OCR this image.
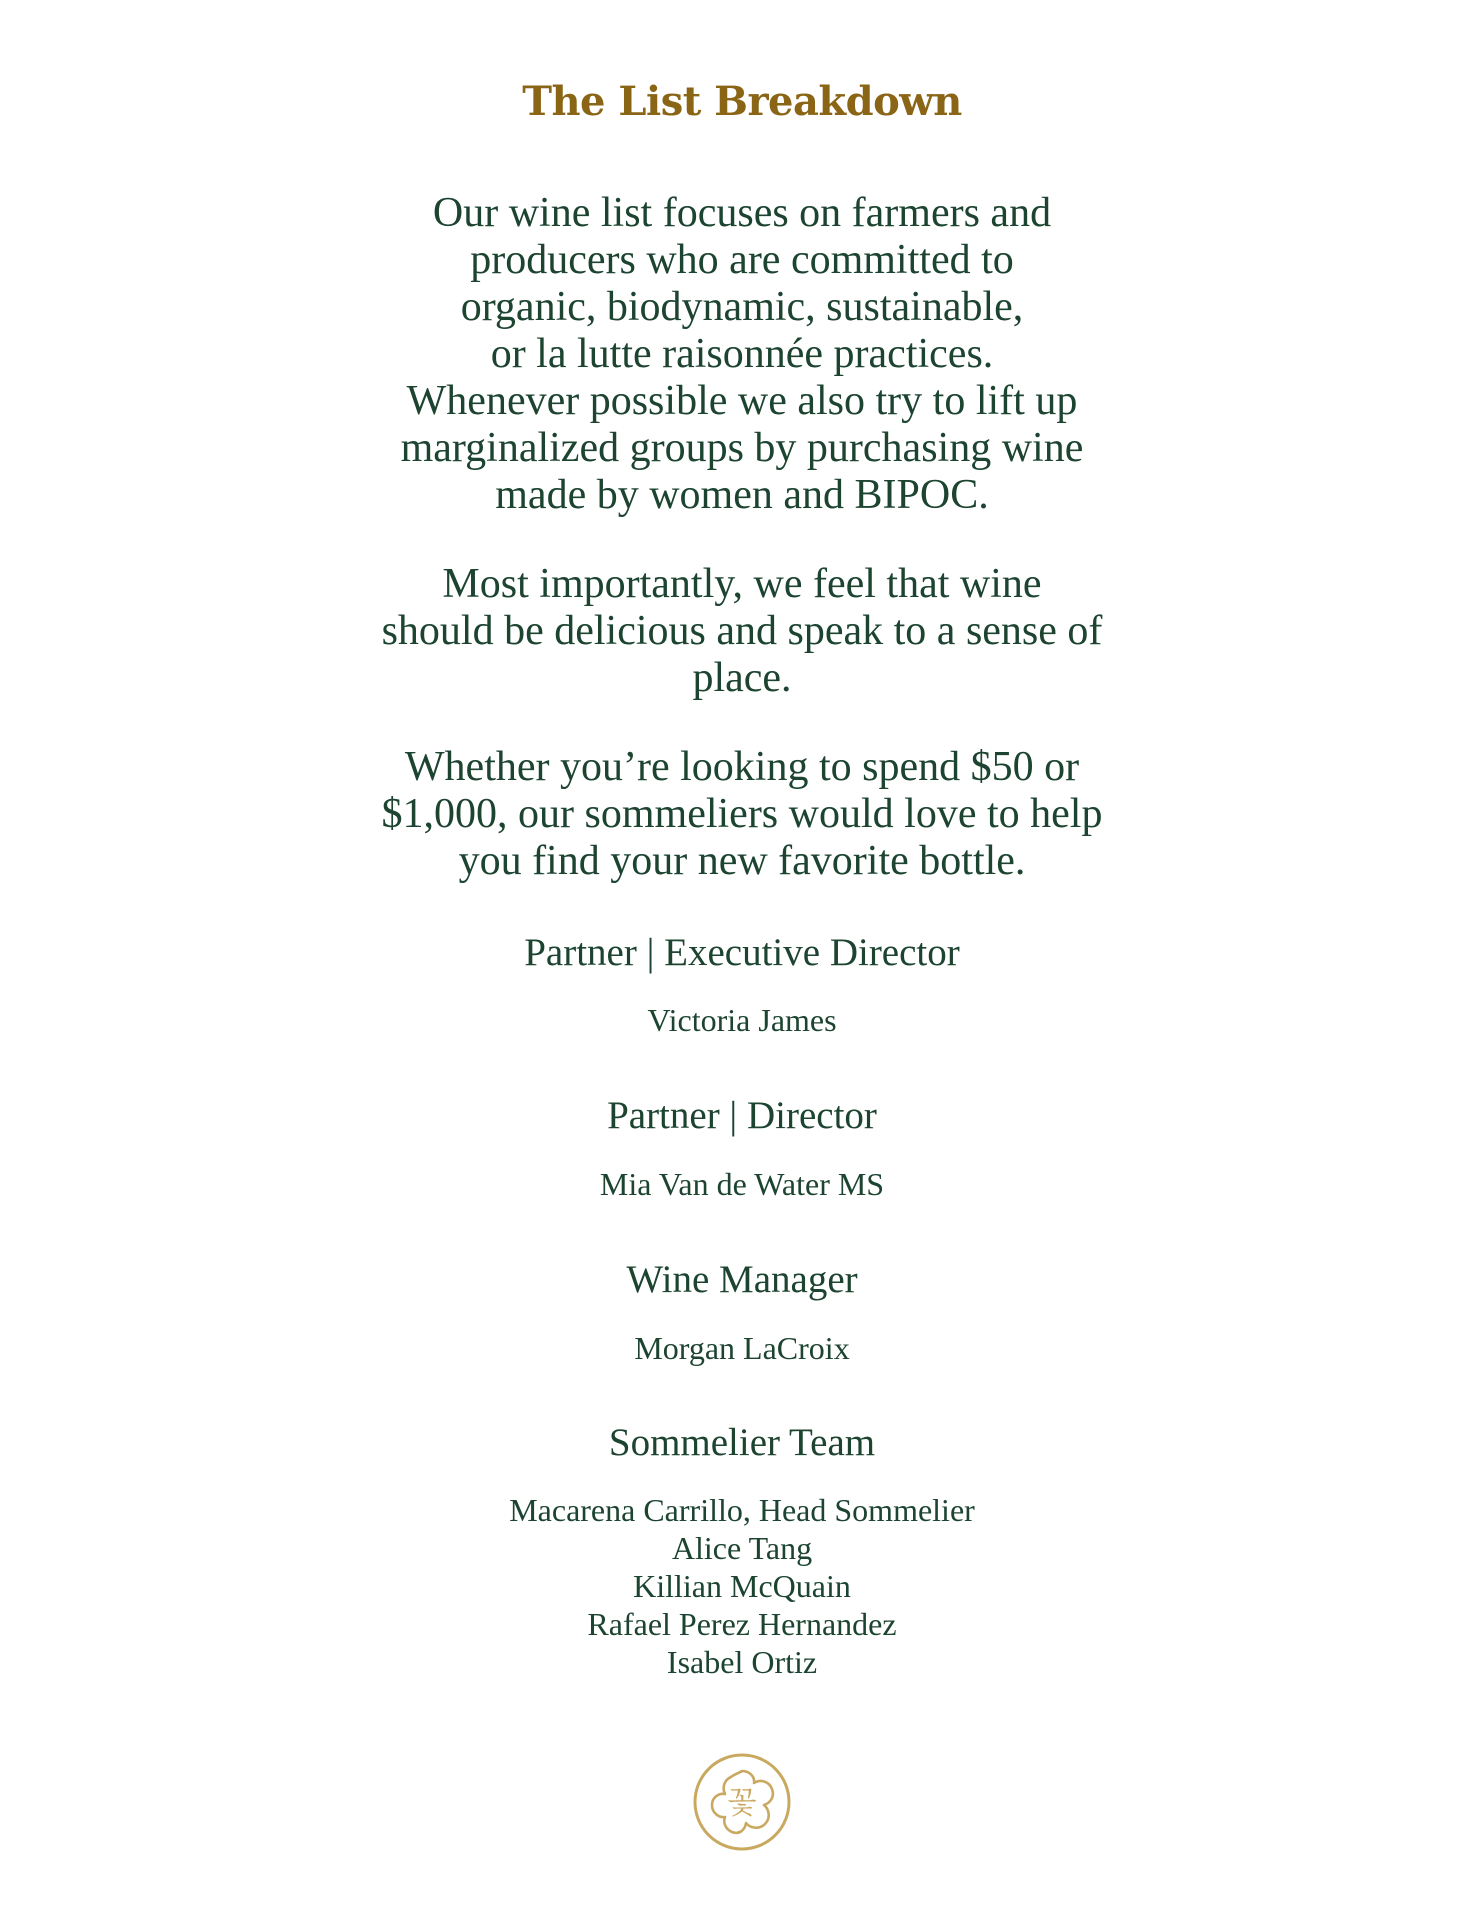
The List Breakdown
Our wine list focuses on farmers and
producers who are committed to
organic, biodynamic, sustainable,
or la lutte raisonnée practices.
Whenever possible we also try to lift up
marginalized groups by purchasing wine
made by women and BIPOC.
Most importantly, we feel that wine
should be delicious and speak to a sense of
place.
Whether you’re looking to spend $50 or
$1,000, our sommeliers would love to help
you find your new favorite bottle.
Partner | Executive Director
Victoria James
Partner | Director
Mia Van de Water MS
Wine Manager
Morgan LaCroix
Sommelier Team
Macarena Carrillo, Head Sommelier
Alice Tang
Killian McQuain
Rafael Perez Hernandez
Isabel Ortiz
꽃
